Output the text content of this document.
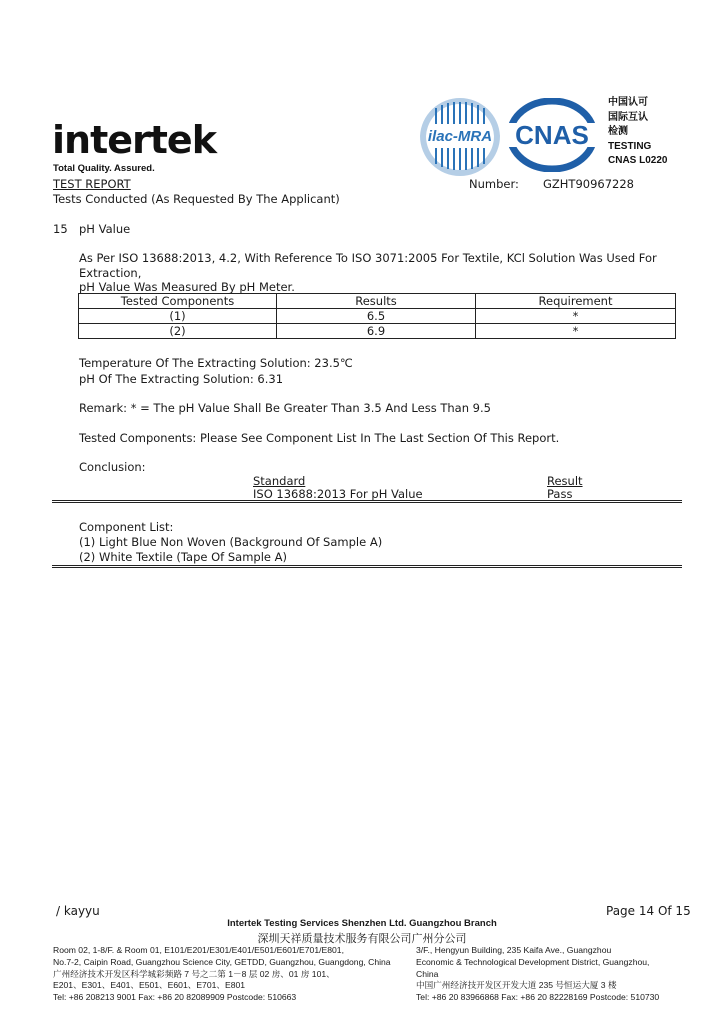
intertek
Total Quality. Assured.
ilac-MRA CNAS
中国认可
国际互认
检测
TESTING
CNAS L0220
TEST REPORT	Number: GZHT90967228
Tests Conducted (As Requested By The Applicant)
15 pH Value
As Per ISO 13688:2013, 4.2, With Reference To ISO 3071:2005 For Textile, KCl Solution Was Used For Extraction,
pH Value Was Measured By pH Meter.
Tested Components	Results	Requirement
(1)	6.5	*
(2)	6.9	*
Temperature Of The Extracting Solution: 23.5℃
pH Of The Extracting Solution: 6.31
Remark: * = The pH Value Shall Be Greater Than 3.5 And Less Than 9.5
Tested Components: Please See Component List In The Last Section Of This Report.
Conclusion:
Standard	Result
ISO 13688:2013 For pH Value	Pass
Component List:
(1) Light Blue Non Woven (Background Of Sample A)
(2) White Textile (Tape Of Sample A)
/ kayyu	Page 14 Of 15
Intertek Testing Services Shenzhen Ltd. Guangzhou Branch
深圳天祥质量技术服务有限公司广州分公司
Room 02, 1-8/F. & Room 01, E101/E201/E301/E401/E501/E601/E701/E801,
No.7-2, Caipin Road, Guangzhou Science City, GETDD, Guangzhou, Guangdong, China
广州经济技术开发区科学城彩频路 7 号之二第 1－8 层 02 房、01 房 101、
E201、E301、E401、E501、E601、E701、E801
Tel: +86 208213 9001 Fax: +86 20 82089909 Postcode: 510663
3/F., Hengyun Building, 235 Kaifa Ave., Guangzhou
Economic & Technological Development District, Guangzhou,
China
中国广州经济技开发区开发大道 235 号恒运大厦 3 楼
Tel: +86 20 83966868 Fax: +86 20 82228169 Postcode: 510730
